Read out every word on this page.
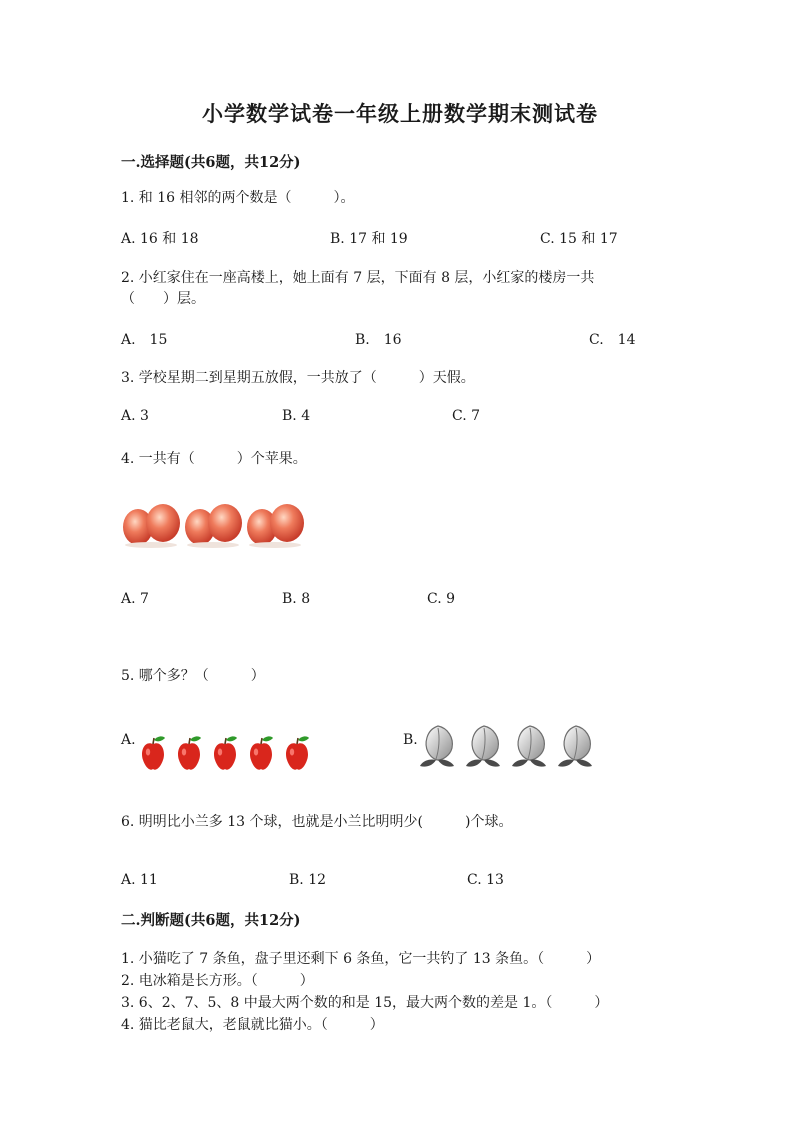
小学数学试卷一年级上册数学期末测试卷
一.选择题(共6题，共12分)
1. 和 16 相邻的两个数是（　　　）。
A. 16 和 18	B. 17 和 19	C. 15 和 17
2. 小红家住在一座高楼上，她上面有 7 层，下面有 8 层，小红家的楼房一共
（　　）层。
A.　15	B.　16	C.　14
3. 学校星期二到星期五放假，一共放了（　　　）天假。
A. 3	B. 4	C. 7
4. 一共有（　　　）个苹果。
A. 7	B. 8	C. 9
5. 哪个多？（　　　）
A.	B.
6. 明明比小兰多 13 个球，也就是小兰比明明少(　　　)个球。
A. 11	B. 12	C. 13
二.判断题(共6题，共12分)
1. 小猫吃了 7 条鱼，盘子里还剩下 6 条鱼，它一共钓了 13 条鱼。（　　　）
2. 电冰箱是长方形。（　　　）
3. 6、2、7、5、8 中最大两个数的和是 15，最大两个数的差是 1。（　　　）
4. 猫比老鼠大，老鼠就比猫小。（　　　）
